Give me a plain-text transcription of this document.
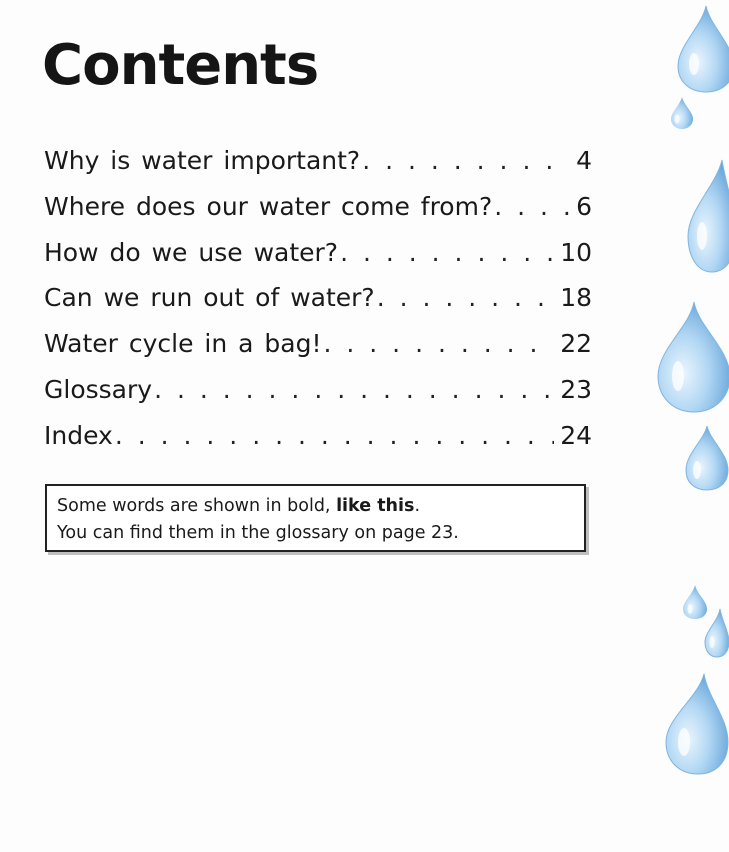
Contents
Why is water important? . . .	4
Where does our water come from? . . .	6
How do we use water? . . .	10
Can we run out of water? . . .	18
Water cycle in a bag! . . .	22
Glossary . . .	23
Index . . .	24
Some words are shown in bold, like this.
You can find them in the glossary on page 23.
